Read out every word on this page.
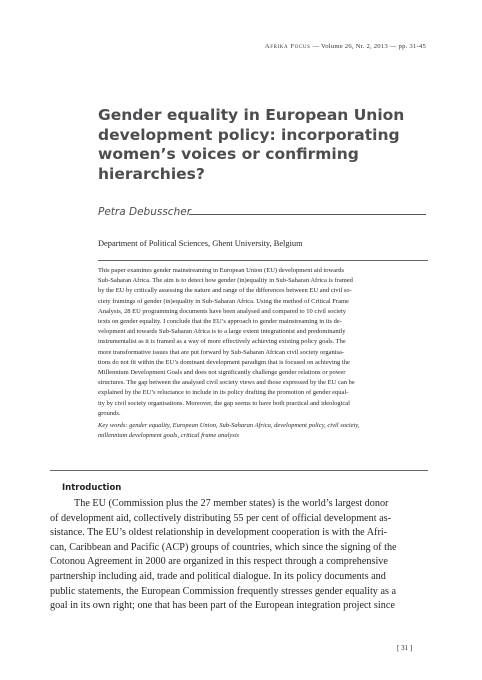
Afrika Focus — Volume 26, Nr. 2, 2013 — pp. 31-45
Gender equality in European Union
development policy: incorporating
women’s voices or confirming
hierarchies?
Petra Debusscher
Department of Political Sciences, Ghent University, Belgium
This paper examines gender mainstreaming in European Union (EU) development aid towards
Sub-Saharan Africa. The aim is to detect how gender (in)equality in Sub-Saharan Africa is framed
by the EU by critically assessing the nature and range of the differences between EU and civil so-
ciety framings of gender (in)equality in Sub-Saharan Africa. Using the method of Critical Frame
Analysis, 28 EU programming documents have been analysed and compared to 10 civil society
texts on gender equality. I conclude that the EU’s approach to gender mainstreaming in its de-
velopment aid towards Sub-Saharan Africa is to a large extent integrationist and predominantly
instrumentalist as it is framed as a way of more effectively achieving existing policy goals. The
more transformative issues that are put forward by Sub-Saharan African civil society organisa-
tions do not fit within the EU’s dominant development paradigm that is focused on achieving the
Millennium Development Goals and does not significantly challenge gender relations or power
structures. The gap between the analysed civil society views and those expressed by the EU can be
explained by the EU’s reluctance to include in its policy drafting the promotion of gender equal-
ity by civil society organisations. Moreover, the gap seems to have both practical and ideological
grounds.
Key words: gender equality, European Union, Sub-Saharan Africa, development policy, civil society,
millennium development goals, critical frame analysis
Introduction
The EU (Commission plus the 27 member states) is the world’s largest donor
of development aid, collectively distributing 55 per cent of official development as-
sistance. The EU’s oldest relationship in development cooperation is with the Afri-
can, Caribbean and Pacific (ACP) groups of countries, which since the signing of the
Cotonou Agreement in 2000 are organized in this respect through a comprehensive
partnership including aid, trade and political dialogue. In its policy documents and
public statements, the European Commission frequently stresses gender equality as a
goal in its own right; one that has been part of the European integration project since
[ 31 ]
